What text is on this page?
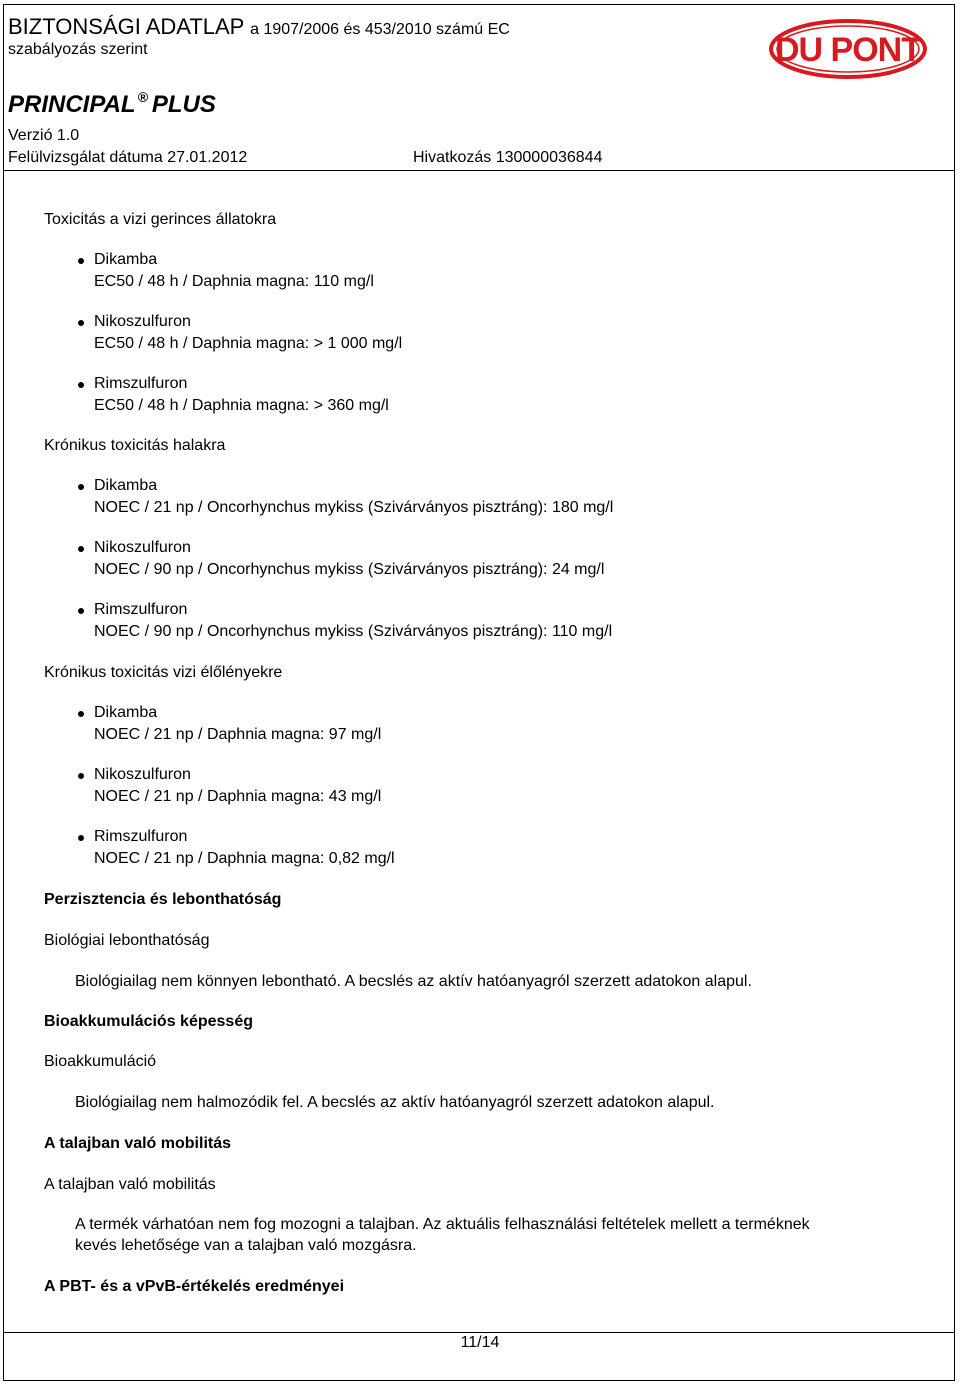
BIZTONSÁGI ADATLAP a 1907/2006 és 453/2010 számú EC
szabályozás szerint	DU PONT
PRINCIPAL ® PLUS
Verzió 1.0
Felülvizsgálat dátuma 27.01.2012	Hivatkozás 130000036844
Toxicitás a vizi gerinces állatokra
Dikamba
EC50 / 48 h / Daphnia magna: 110 mg/l
Nikoszulfuron
EC50 / 48 h / Daphnia magna: > 1 000 mg/l
Rimszulfuron
EC50 / 48 h / Daphnia magna: > 360 mg/l
Krónikus toxicitás halakra
Dikamba
NOEC / 21 np / Oncorhynchus mykiss (Szivárványos pisztráng): 180 mg/l
Nikoszulfuron
NOEC / 90 np / Oncorhynchus mykiss (Szivárványos pisztráng): 24 mg/l
Rimszulfuron
NOEC / 90 np / Oncorhynchus mykiss (Szivárványos pisztráng): 110 mg/l
Krónikus toxicitás vizi élőlényekre
Dikamba
NOEC / 21 np / Daphnia magna: 97 mg/l
Nikoszulfuron
NOEC / 21 np / Daphnia magna: 43 mg/l
Rimszulfuron
NOEC / 21 np / Daphnia magna: 0,82 mg/l
Perzisztencia és lebonthatóság
Biológiai lebonthatóság
Biológiailag nem könnyen lebontható. A becslés az aktív hatóanyagról szerzett adatokon alapul.
Bioakkumulációs képesség
Bioakkumuláció
Biológiailag nem halmozódik fel. A becslés az aktív hatóanyagról szerzett adatokon alapul.
A talajban való mobilitás
A talajban való mobilitás
A termék várhatóan nem fog mozogni a talajban. Az aktuális felhasználási feltételek mellett a terméknek
kevés lehetősége van a talajban való mozgásra.
A PBT- és a vPvB-értékelés eredményei
11/14
